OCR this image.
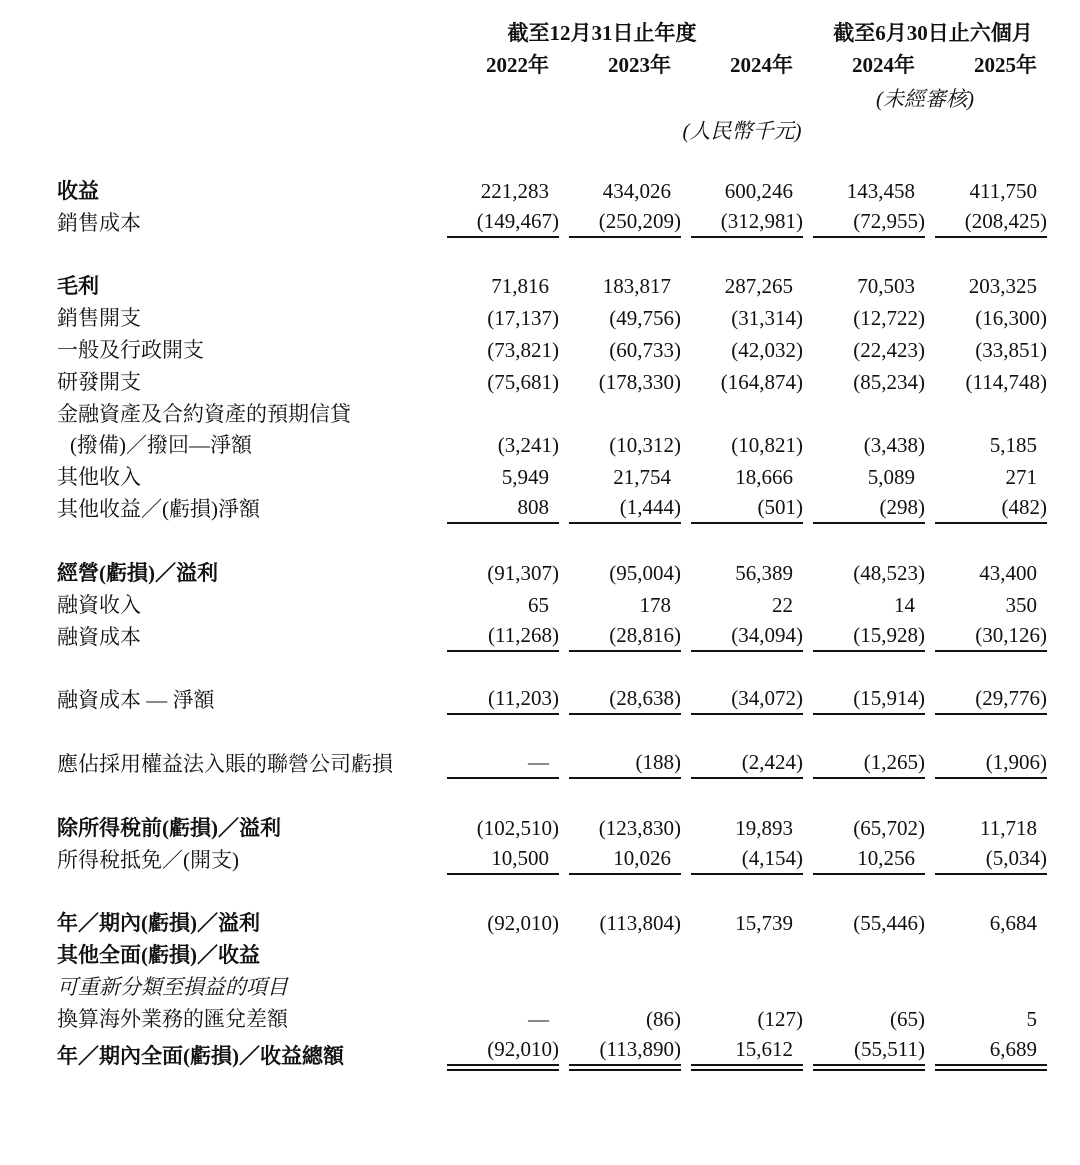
	截至12月31日止年度			截至6月30日止六個月	
	2022年	2023年	2024年	2024年	2025年
				(未經審核)	
	(人民幣千元)				

收益	221,283	434,026	600,246	143,458	411,750

銷售成本	(149,467)	(250,209)	(312,981)	(72,955)	(208,425)

毛利	71,816	183,817	287,265	70,503	203,325

銷售開支	(17,137)	(49,756)	(31,314)	(12,722)	(16,300)

一般及行政開支	(73,821)	(60,733)	(42,032)	(22,423)	(33,851)

研發開支	(75,681)	(178,330)	(164,874)	(85,234)	(114,748)

金融資產及合約資產的預期信貸	

(撥備)／撥回—淨額	(3,241)	(10,312)	(10,821)	(3,438)	5,185

其他收入	5,949	21,754	18,666	5,089	271

其他收益／(虧損)淨額	808	(1,444)	(501)	(298)	(482)

經營(虧損)／溢利	(91,307)	(95,004)	56,389	(48,523)	43,400

融資收入	65	178	22	14	350

融資成本	(11,268)	(28,816)	(34,094)	(15,928)	(30,126)

融資成本 — 淨額	(11,203)	(28,638)	(34,072)	(15,914)	(29,776)

應佔採用權益法入賬的聯營公司虧損	—	(188)	(2,424)	(1,265)	(1,906)

除所得稅前(虧損)／溢利	(102,510)	(123,830)	19,893	(65,702)	11,718

所得稅抵免／(開支)	10,500	10,026	(4,154)	10,256	(5,034)

年／期內(虧損)／溢利	(92,010)	(113,804)	15,739	(55,446)	6,684

其他全面(虧損)／收益	

可重新分類至損益的項目	

換算海外業務的匯兌差額	—	(86)	(127)	(65)	5

年／期內全面(虧損)／收益總額	(92,010)	(113,890)	15,612	(55,511)	6,689
